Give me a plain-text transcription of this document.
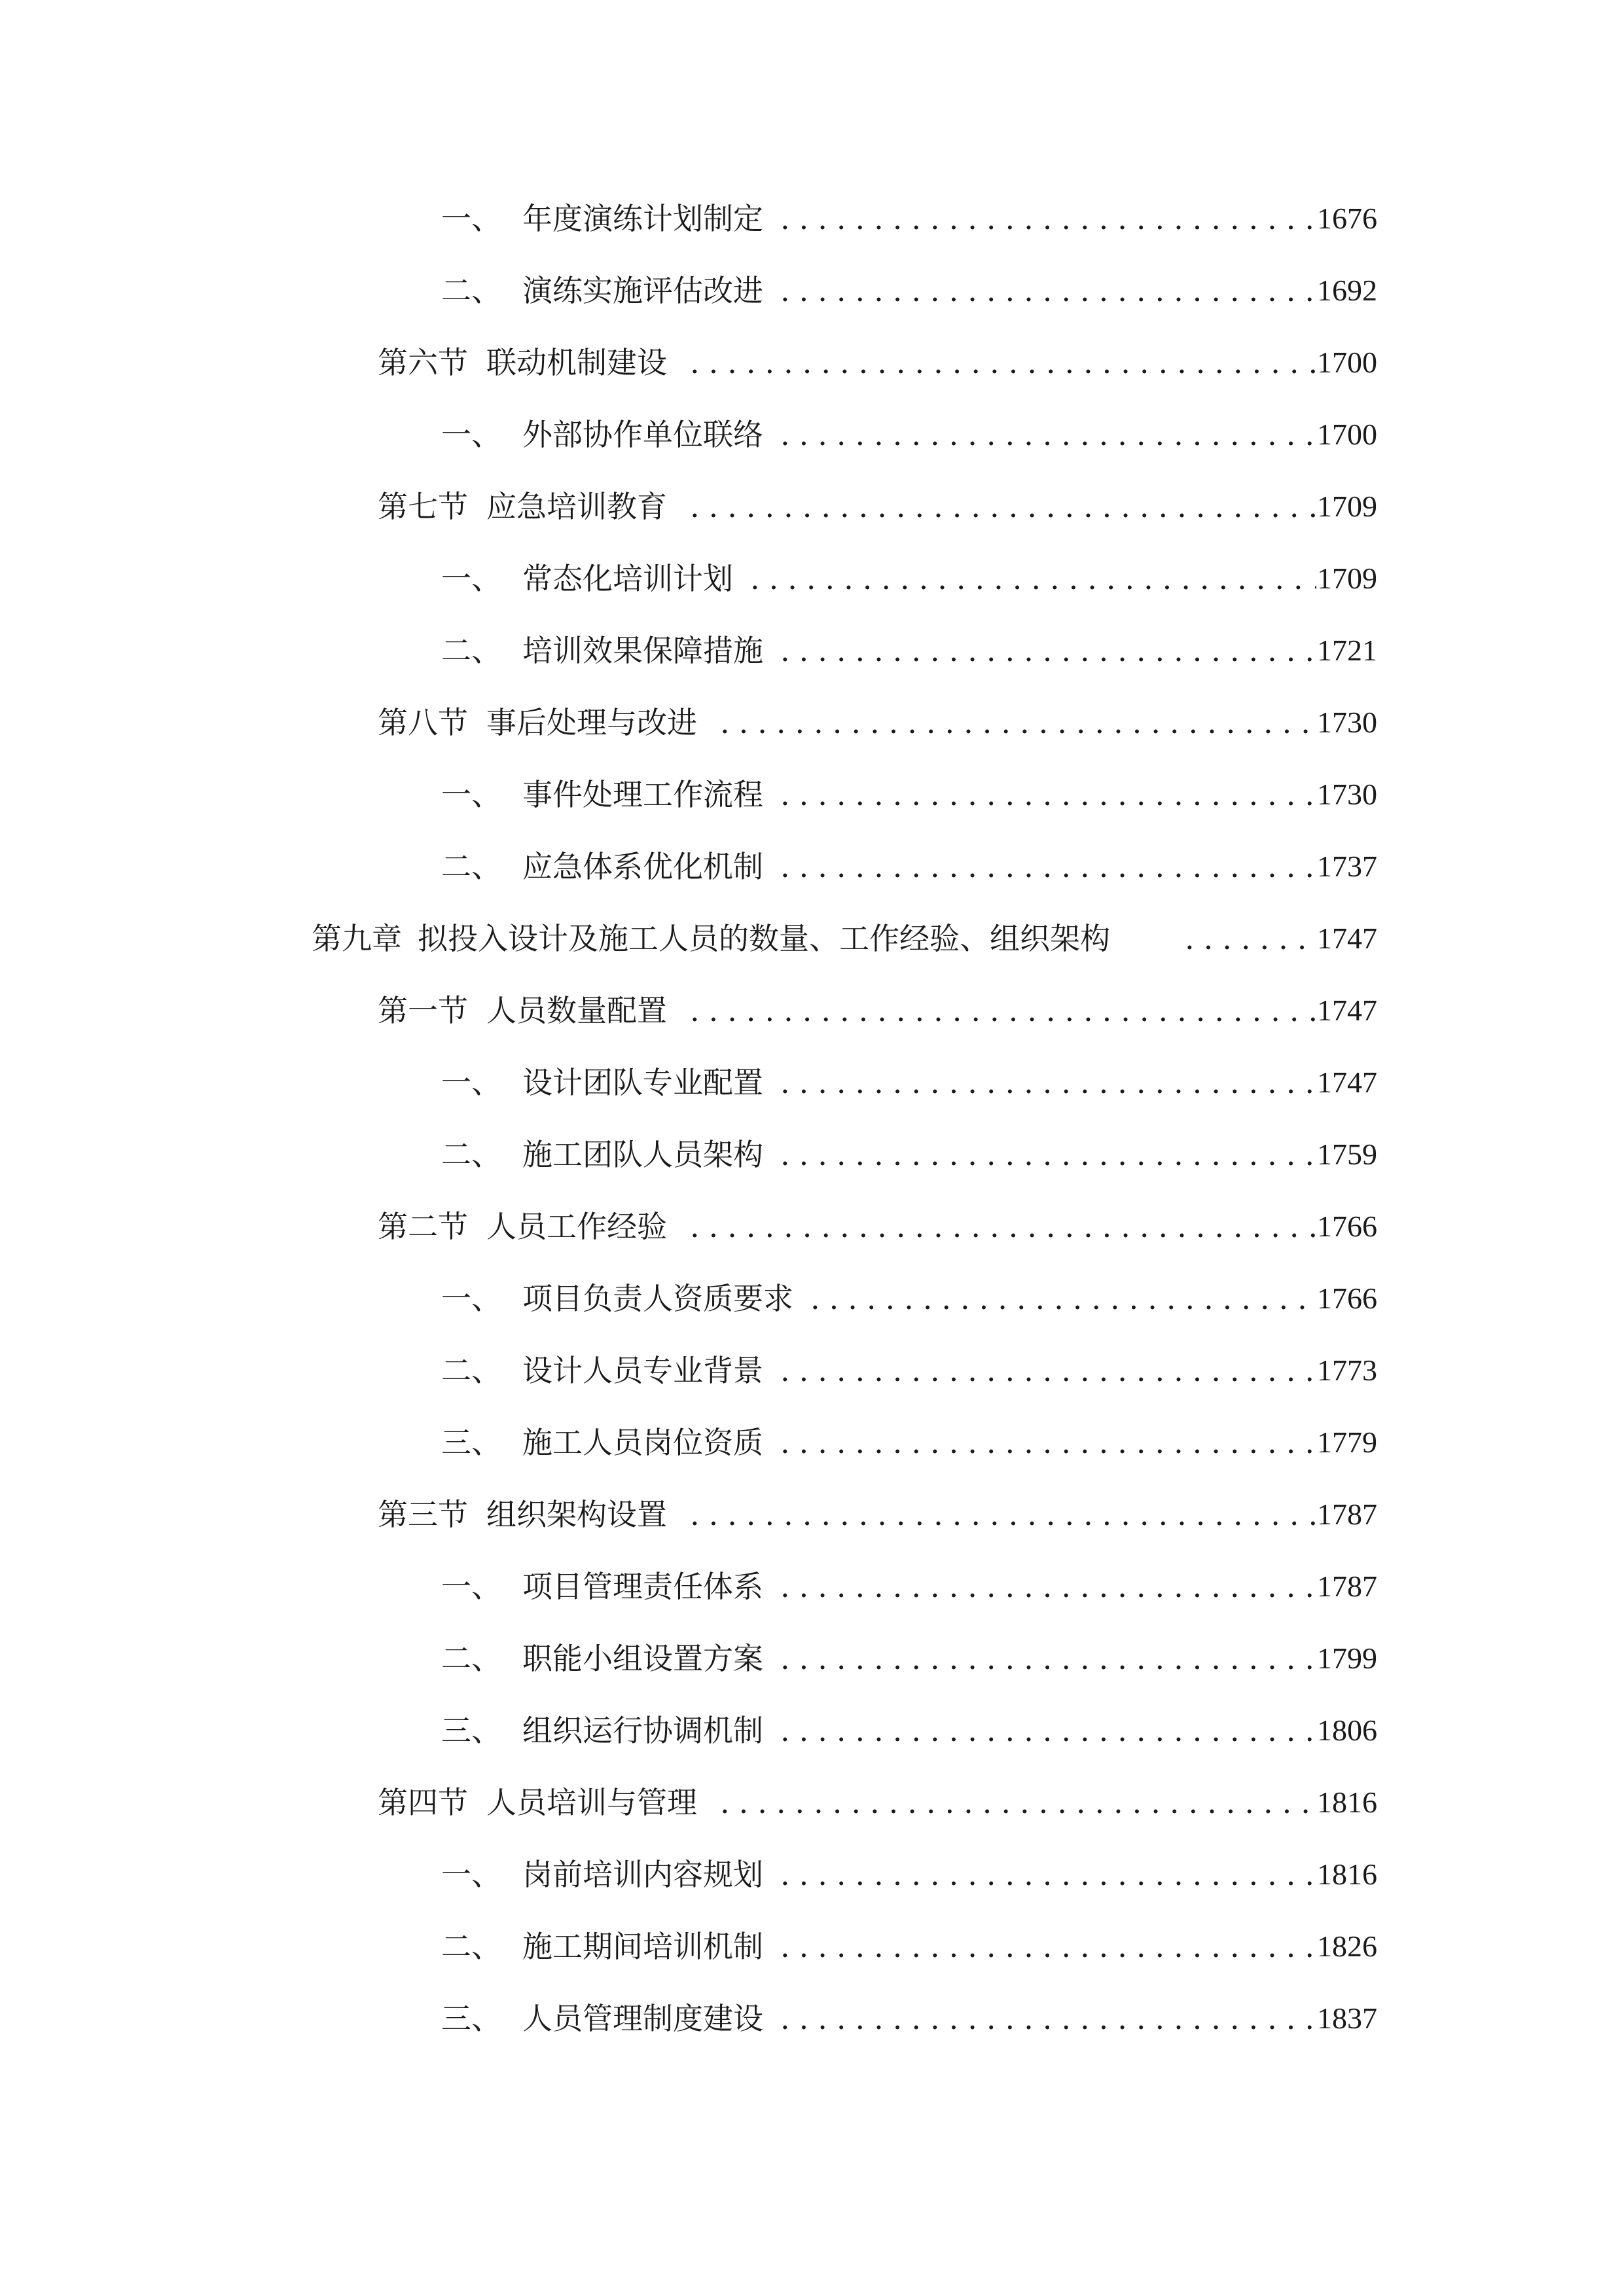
一、 年度演练计划制定 .....	1676
二、 演练实施评估改进 .....	1692
第六节 联动机制建设 .....	1700
一、 外部协作单位联络 .....	1700
第七节 应急培训教育 .....	1709
一、 常态化培训计划 .....	1709
二、 培训效果保障措施 .....	1721
第八节 事后处理与改进 .....	1730
一、 事件处理工作流程 .....	1730
二、 应急体系优化机制 .....	1737
第九章 拟投入设计及施工人员的数量、工作经验、组织架构 .....	1747
第一节 人员数量配置 .....	1747
一、 设计团队专业配置 .....	1747
二、 施工团队人员架构 .....	1759
第二节 人员工作经验 .....	1766
一、 项目负责人资质要求 .....	1766
二、 设计人员专业背景 .....	1773
三、 施工人员岗位资质 .....	1779
第三节 组织架构设置 .....	1787
一、 项目管理责任体系 .....	1787
二、 职能小组设置方案 .....	1799
三、 组织运行协调机制 .....	1806
第四节 人员培训与管理 .....	1816
一、 岗前培训内容规划 .....	1816
二、 施工期间培训机制 .....	1826
三、 人员管理制度建设 .....	1837
